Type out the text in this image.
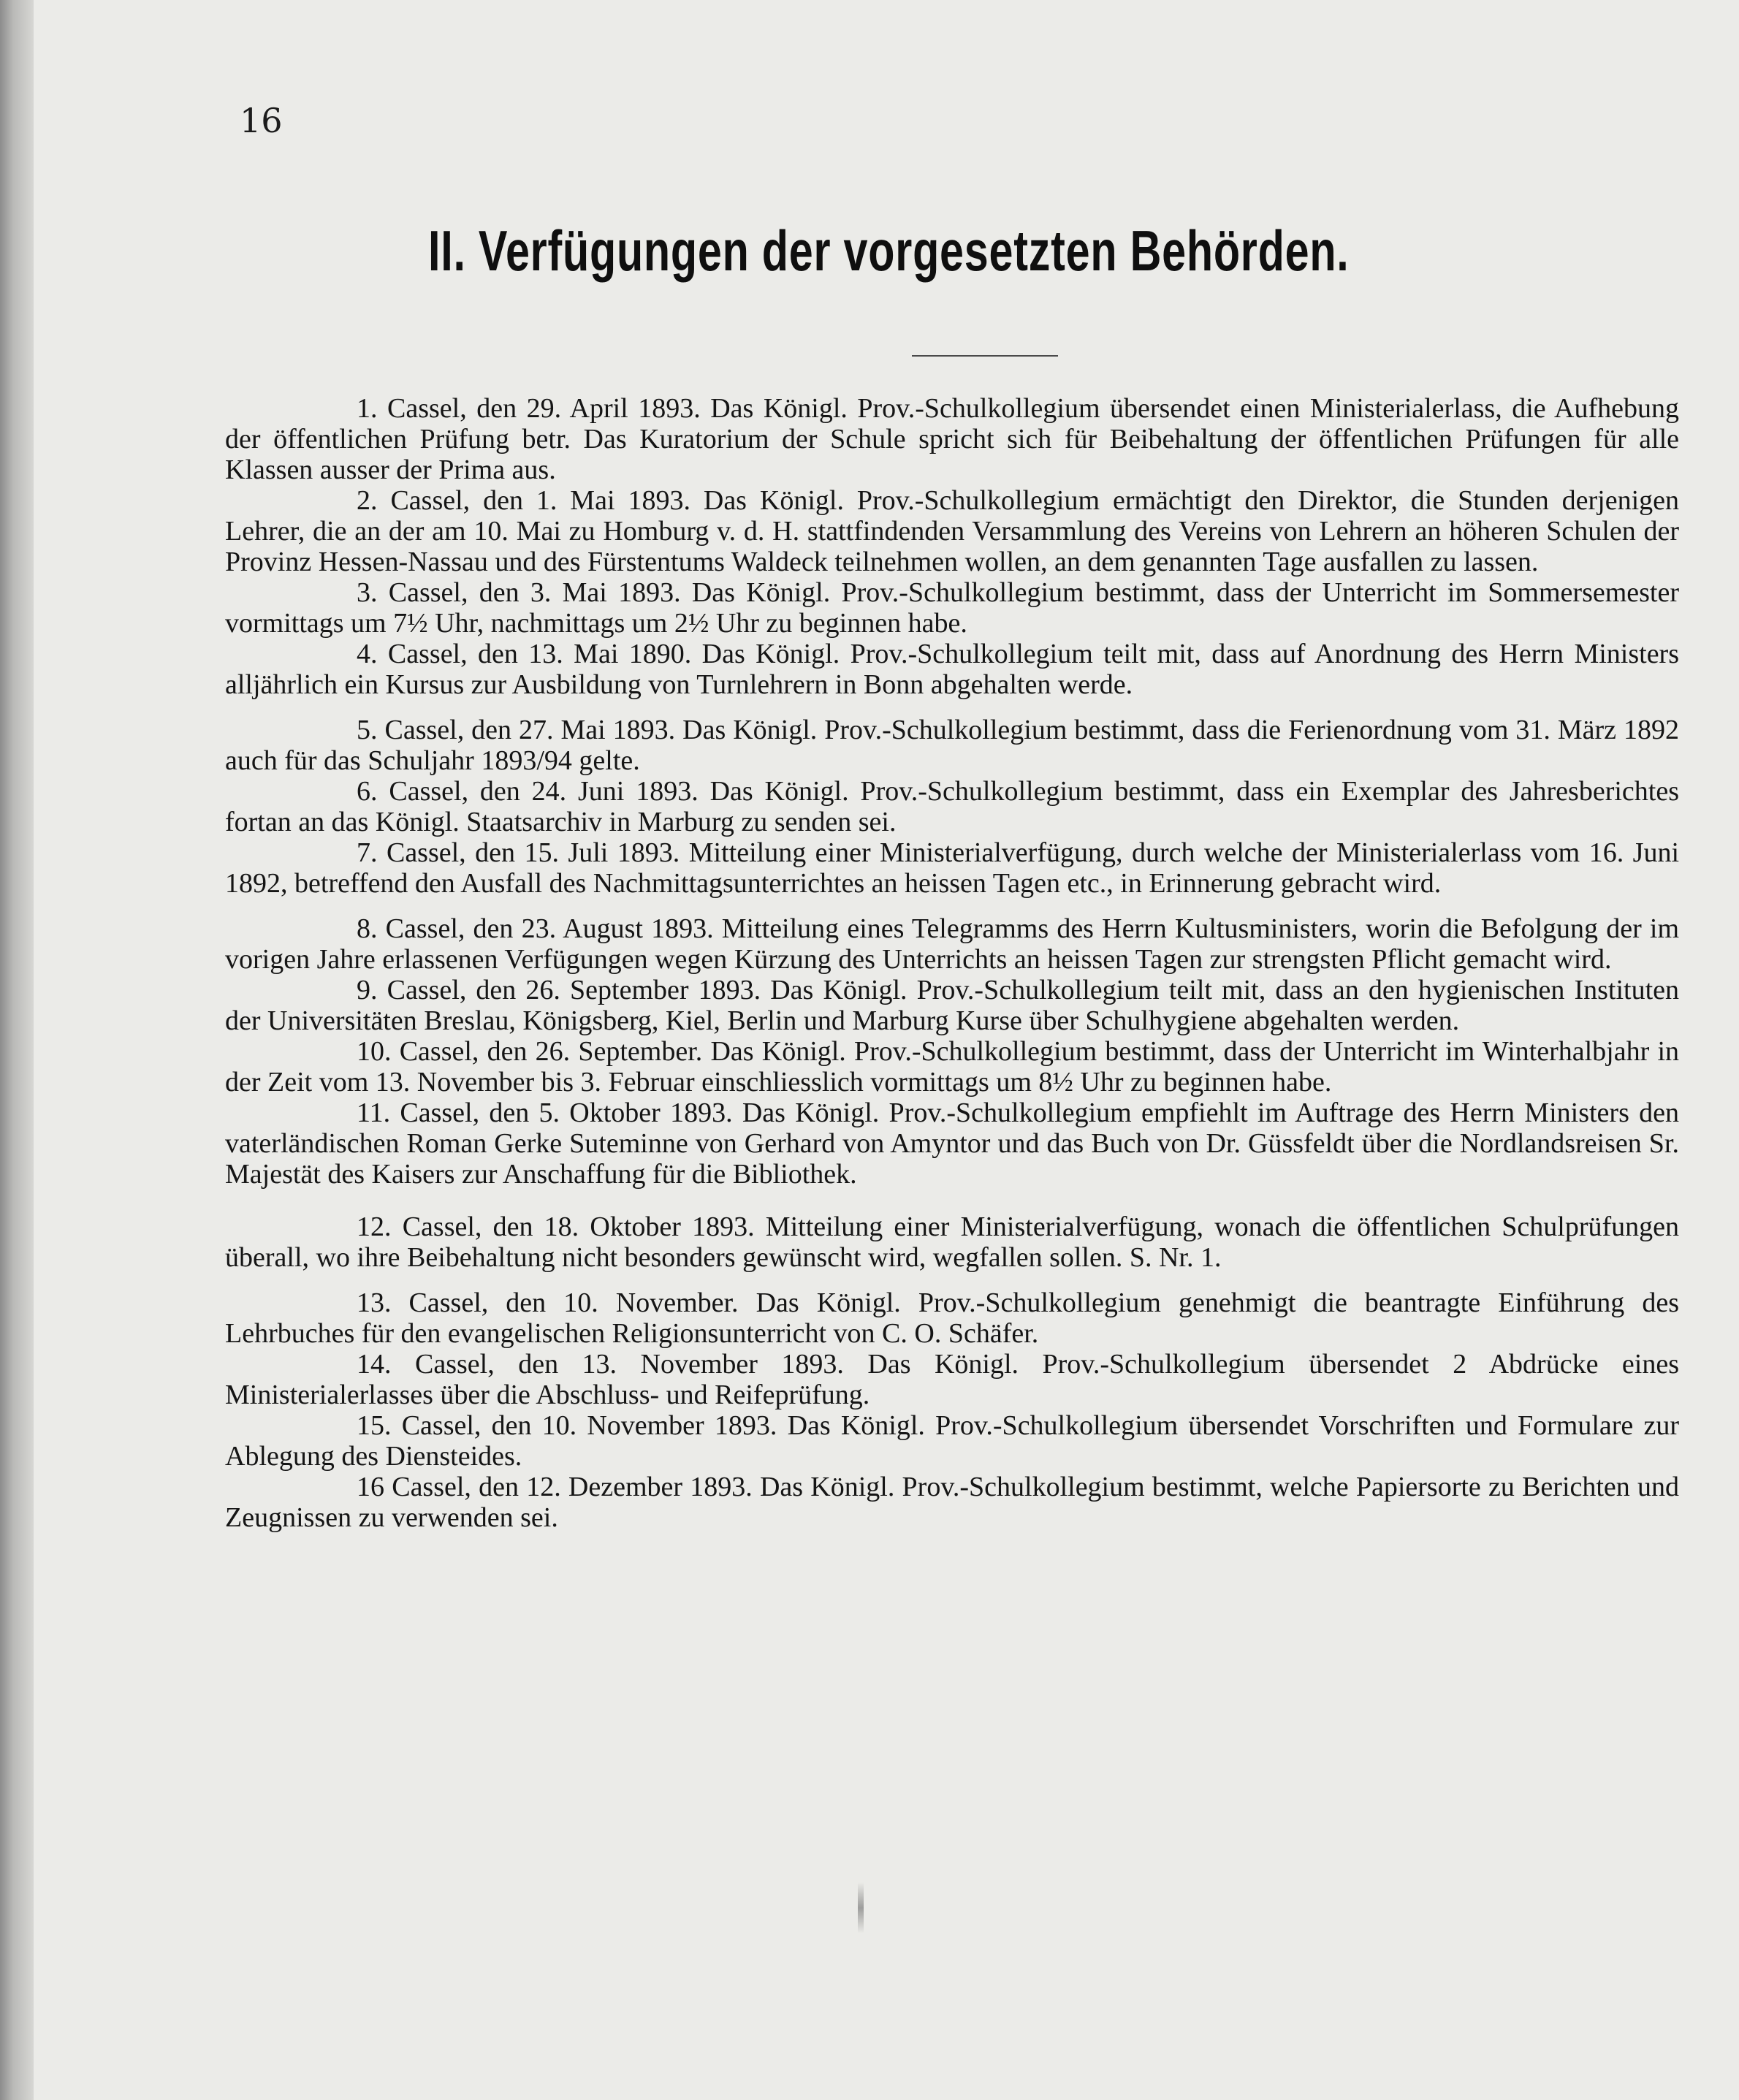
16
II. Verfügungen der vorgesetzten Behörden.
1. Cassel, den 29. April 1893. Das Königl. Prov.-Schulkollegium übersendet einen Ministerialerlass, die Aufhebung der öffentlichen Prüfung betr. Das Kuratorium der Schule spricht sich für Beibehaltung der öffentlichen Prüfungen für alle Klassen ausser der Prima aus.
2. Cassel, den 1. Mai 1893. Das Königl. Prov.-Schulkollegium ermächtigt den Direktor, die Stunden derjenigen Lehrer, die an der am 10. Mai zu Homburg v. d. H. stattfindenden Versammlung des Vereins von Lehrern an höheren Schulen der Provinz Hessen-Nassau und des Fürstentums Waldeck teilnehmen wollen, an dem genannten Tage ausfallen zu lassen.
3. Cassel, den 3. Mai 1893. Das Königl. Prov.-Schulkollegium bestimmt, dass der Unterricht im Sommersemester vormittags um 7½ Uhr, nachmittags um 2½ Uhr zu beginnen habe.
4. Cassel, den 13. Mai 1890. Das Königl. Prov.-Schulkollegium teilt mit, dass auf Anordnung des Herrn Ministers alljährlich ein Kursus zur Ausbildung von Turnlehrern in Bonn abgehalten werde.
5. Cassel, den 27. Mai 1893. Das Königl. Prov.-Schulkollegium bestimmt, dass die Ferienordnung vom 31. März 1892 auch für das Schuljahr 1893/94 gelte.
6. Cassel, den 24. Juni 1893. Das Königl. Prov.-Schulkollegium bestimmt, dass ein Exemplar des Jahresberichtes fortan an das Königl. Staatsarchiv in Marburg zu senden sei.
7. Cassel, den 15. Juli 1893. Mitteilung einer Ministerialverfügung, durch welche der Ministerialerlass vom 16. Juni 1892, betreffend den Ausfall des Nachmittagsunterrichtes an heissen Tagen etc., in Erinnerung gebracht wird.
8. Cassel, den 23. August 1893. Mitteilung eines Telegramms des Herrn Kultusministers, worin die Befolgung der im vorigen Jahre erlassenen Verfügungen wegen Kürzung des Unterrichts an heissen Tagen zur strengsten Pflicht gemacht wird.
9. Cassel, den 26. September 1893. Das Königl. Prov.-Schulkollegium teilt mit, dass an den hygienischen Instituten der Universitäten Breslau, Königsberg, Kiel, Berlin und Marburg Kurse über Schulhygiene abgehalten werden.
10. Cassel, den 26. September. Das Königl. Prov.-Schulkollegium bestimmt, dass der Unterricht im Winterhalbjahr in der Zeit vom 13. November bis 3. Februar einschliesslich vormittags um 8½ Uhr zu beginnen habe.
11. Cassel, den 5. Oktober 1893. Das Königl. Prov.-Schulkollegium empfiehlt im Auftrage des Herrn Ministers den vaterländischen Roman Gerke Suteminne von Gerhard von Amyntor und das Buch von Dr. Güssfeldt über die Nordlandsreisen Sr. Majestät des Kaisers zur Anschaffung für die Bibliothek.
12. Cassel, den 18. Oktober 1893. Mitteilung einer Ministerialverfügung, wonach die öffentlichen Schulprüfungen überall, wo ihre Beibehaltung nicht besonders gewünscht wird, wegfallen sollen. S. Nr. 1.
13. Cassel, den 10. November. Das Königl. Prov.-Schulkollegium genehmigt die beantragte Einführung des Lehrbuches für den evangelischen Religionsunterricht von C. O. Schäfer.
14. Cassel, den 13. November 1893. Das Königl. Prov.-Schulkollegium übersendet 2 Abdrücke eines Ministerialerlasses über die Abschluss- und Reifeprüfung.
15. Cassel, den 10. November 1893. Das Königl. Prov.-Schulkollegium übersendet Vorschriften und Formulare zur Ablegung des Diensteides.
16 Cassel, den 12. Dezember 1893. Das Königl. Prov.-Schulkollegium bestimmt, welche Papiersorte zu Berichten und Zeugnissen zu verwenden sei.
